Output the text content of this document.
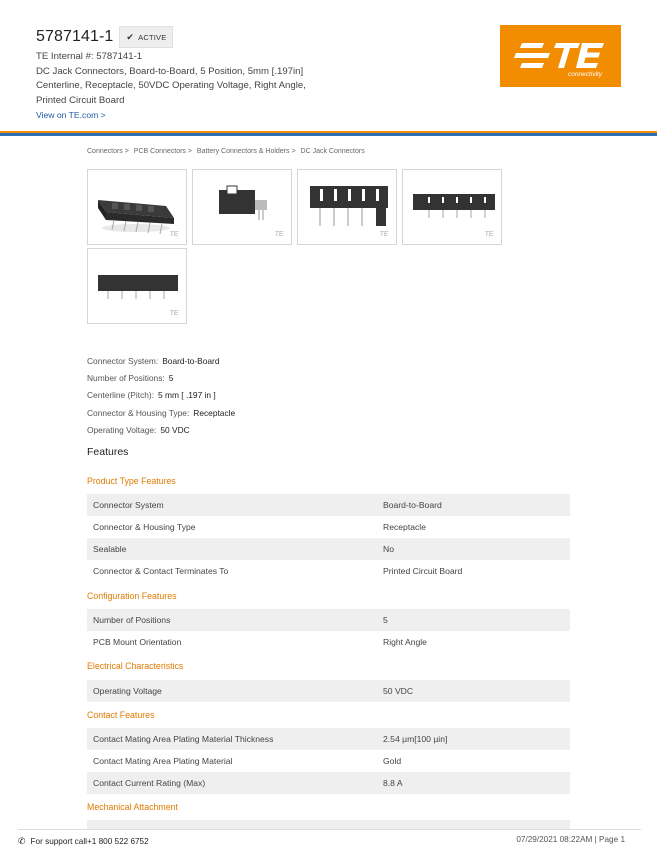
5787141-1 ✔ ACTIVE
TE Internal #: 5787141-1
DC Jack Connectors, Board-to-Board, 5 Position, 5mm [.197in]
Centerline, Receptacle, 50VDC Operating Voltage, Right Angle,
Printed Circuit Board
View on TE.com >
connectivity
Connectors > PCB Connectors > Battery Connectors & Holders > DC Jack Connectors
TE	TE	TE	TE
TE
Connector System: Board-to-Board
Number of Positions: 5
Centerline (Pitch): 5 mm [ .197 in ]
Connector & Housing Type: Receptacle
Operating Voltage: 50 VDC
Features
Product Type Features
Connector System	Board-to-Board
Connector & Housing Type	Receptacle
Sealable	No
Connector & Contact Terminates To	Printed Circuit Board
Configuration Features
Number of Positions	5
PCB Mount Orientation	Right Angle
Electrical Characteristics
Operating Voltage	50 VDC
Contact Features
Contact Mating Area Plating Material Thickness	2.54 µm[100 µin]
Contact Mating Area Plating Material	Gold
Contact Current Rating (Max)	8.8 A
Mechanical Attachment
✆ For support call+1 800 522 6752	07/29/2021 08:22AM | Page 1
